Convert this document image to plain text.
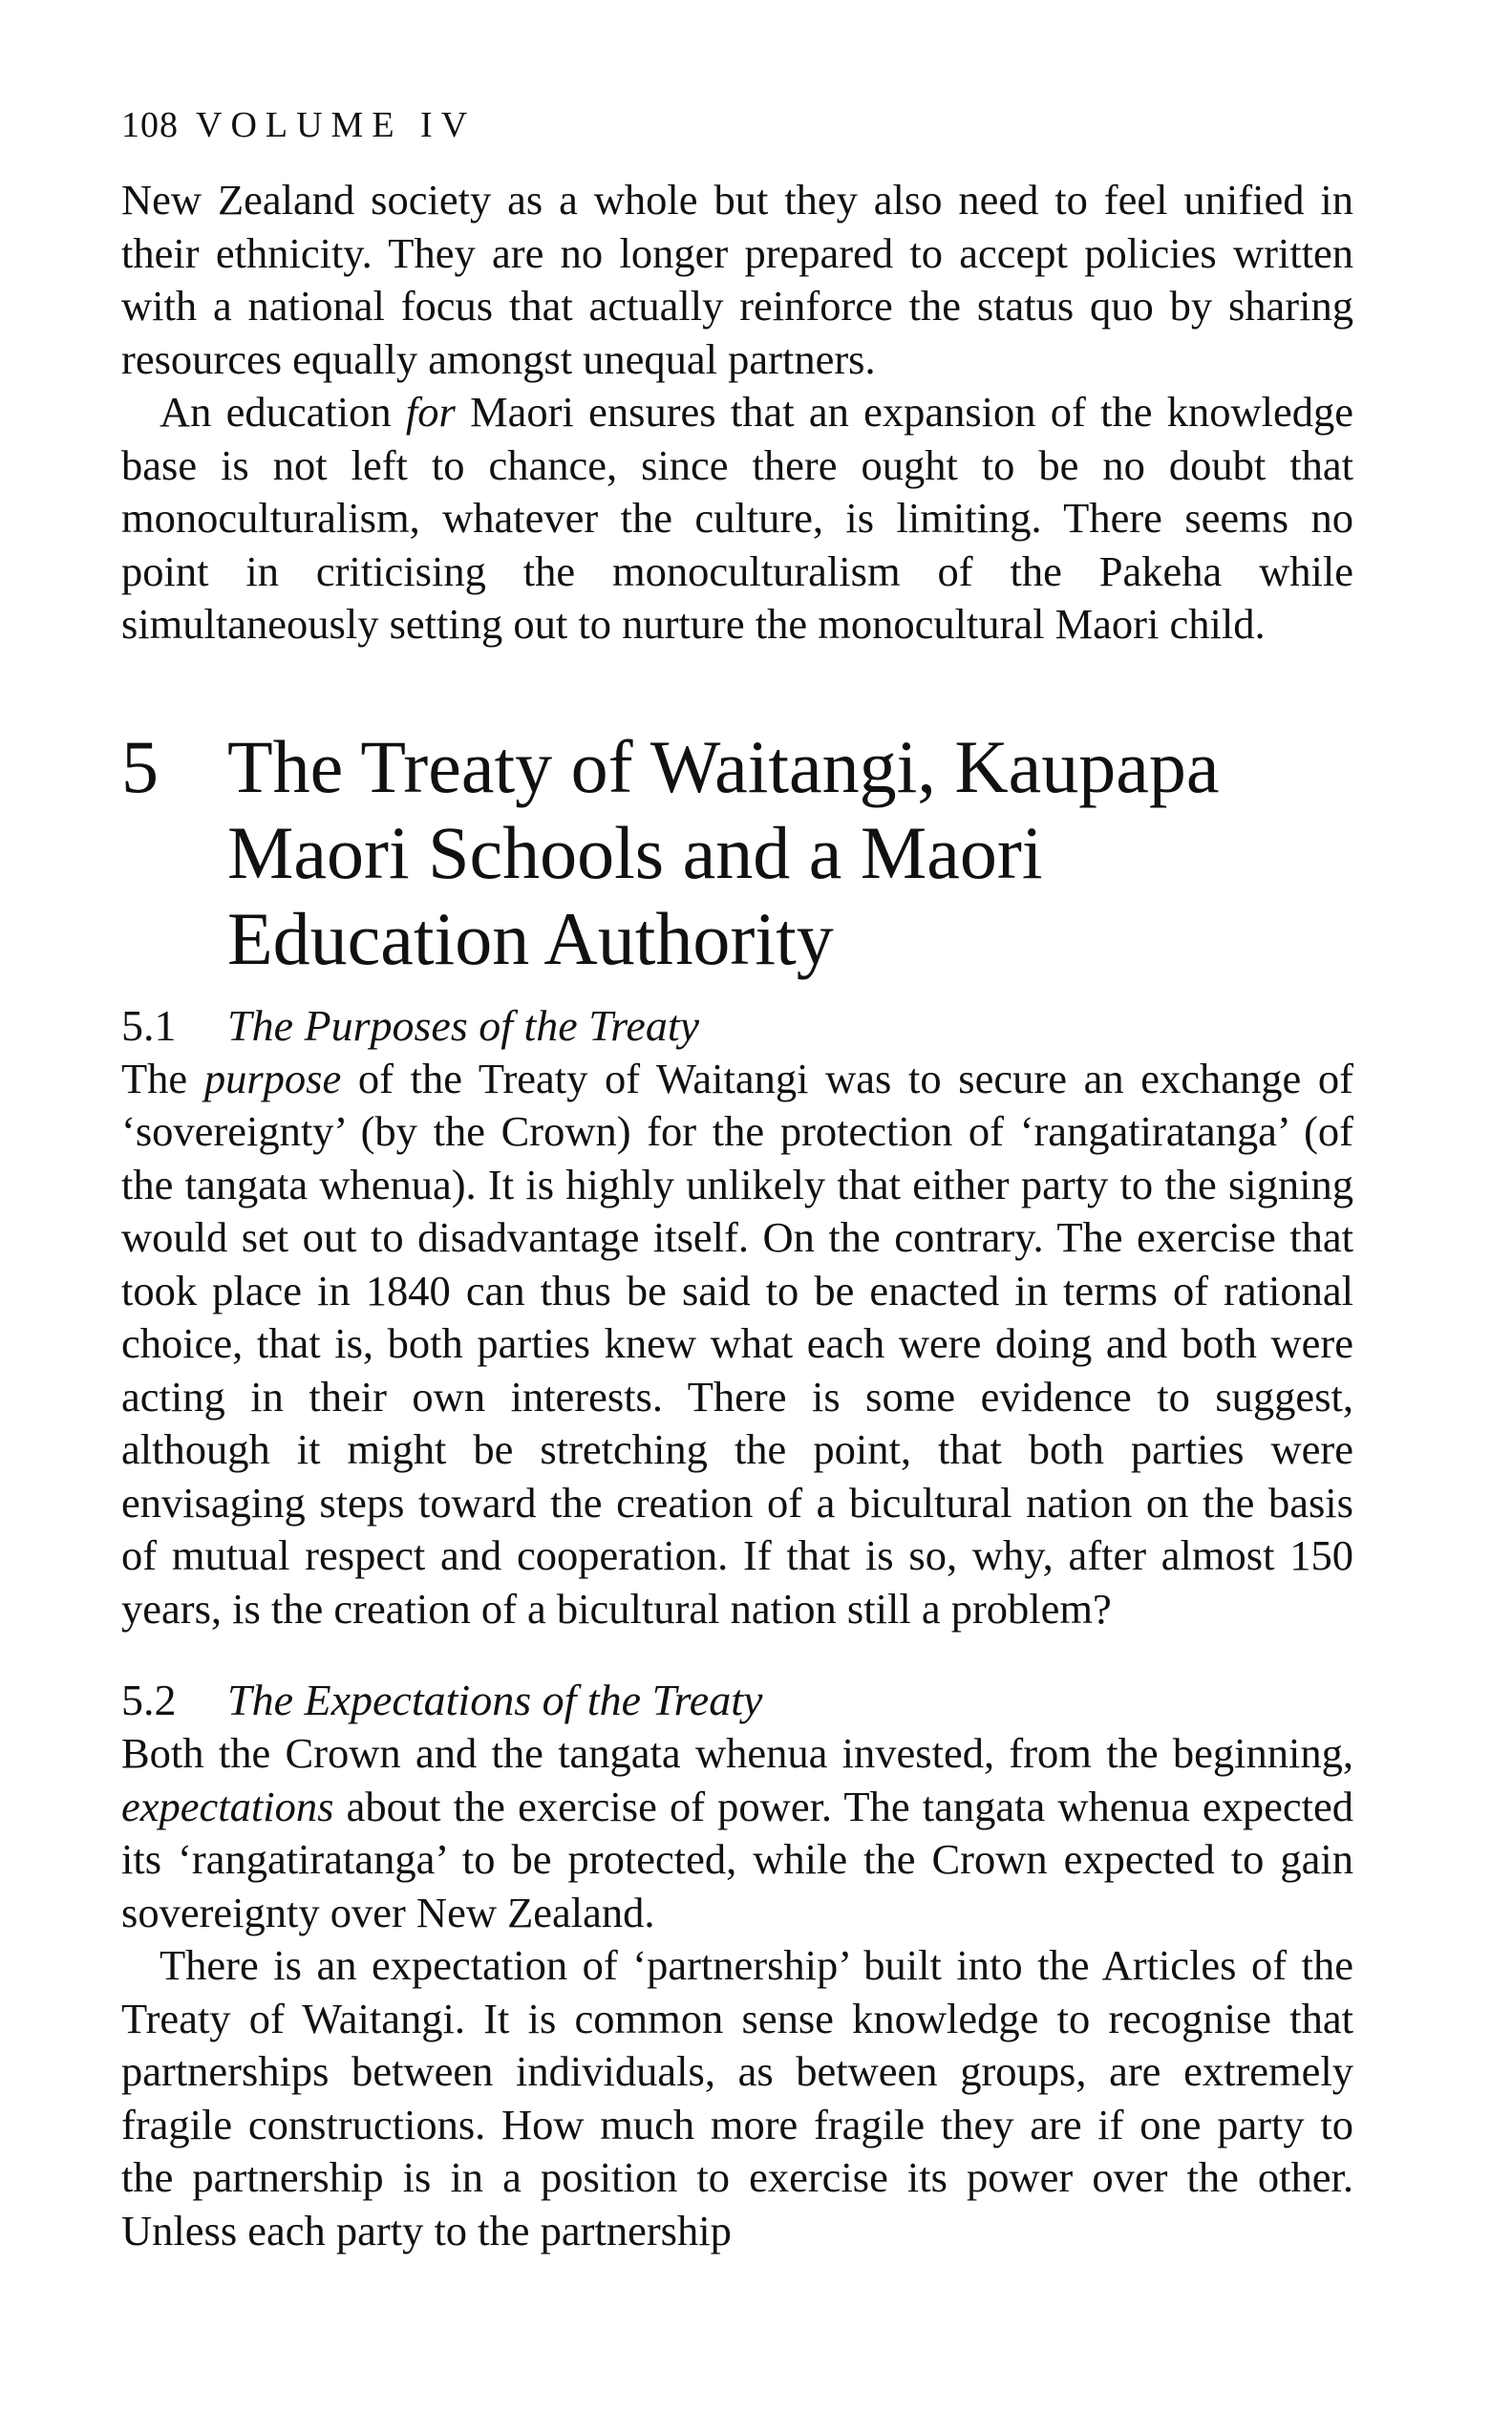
108 VOLUME IV

New Zealand society as a whole but they also need to feel unified in their ethnicity. They are no longer prepared to accept policies written with a national focus that actually reinforce the status quo by sharing resources equally amongst unequal partners.

An education for Maori ensures that an expansion of the knowledge base is not left to chance, since there ought to be no doubt that monoculturalism, whatever the culture, is limiting. There seems no point in criticising the monoculturalism of the Pakeha while simultaneously setting out to nurture the monocultural Maori child.

5 The Treaty of Waitangi, Kaupapa Maori Schools and a Maori Education Authority
5.1	The Purposes of the Treaty

The purpose of the Treaty of Waitangi was to secure an exchange of ‘sovereignty’ (by the Crown) for the protection of ‘rangatiratanga’ (of the tangata whenua). It is highly unlikely that either party to the signing would set out to disadvantage itself. On the contrary. The exercise that took place in 1840 can thus be said to be enacted in terms of rational choice, that is, both parties knew what each were doing and both were acting in their own interests. There is some evidence to suggest, although it might be stretching the point, that both parties were envisaging steps toward the creation of a bicultural nation on the basis of mutual respect and cooperation. If that is so, why, after almost 150 years, is the creation of a bicultural nation still a problem?

5.2	The Expectations of the Treaty

Both the Crown and the tangata whenua invested, from the beginning, expectations about the exercise of power. The tangata whenua expected its ‘rangatiratanga’ to be protected, while the Crown expected to gain sovereignty over New Zealand.

There is an expectation of ‘partnership’ built into the Articles of the Treaty of Waitangi. It is common sense knowledge to recognise that partnerships between individuals, as between groups, are extremely fragile constructions. How much more fragile they are if one party to the partnership is in a position to exercise its power over the other. Unless each party to the partnership
